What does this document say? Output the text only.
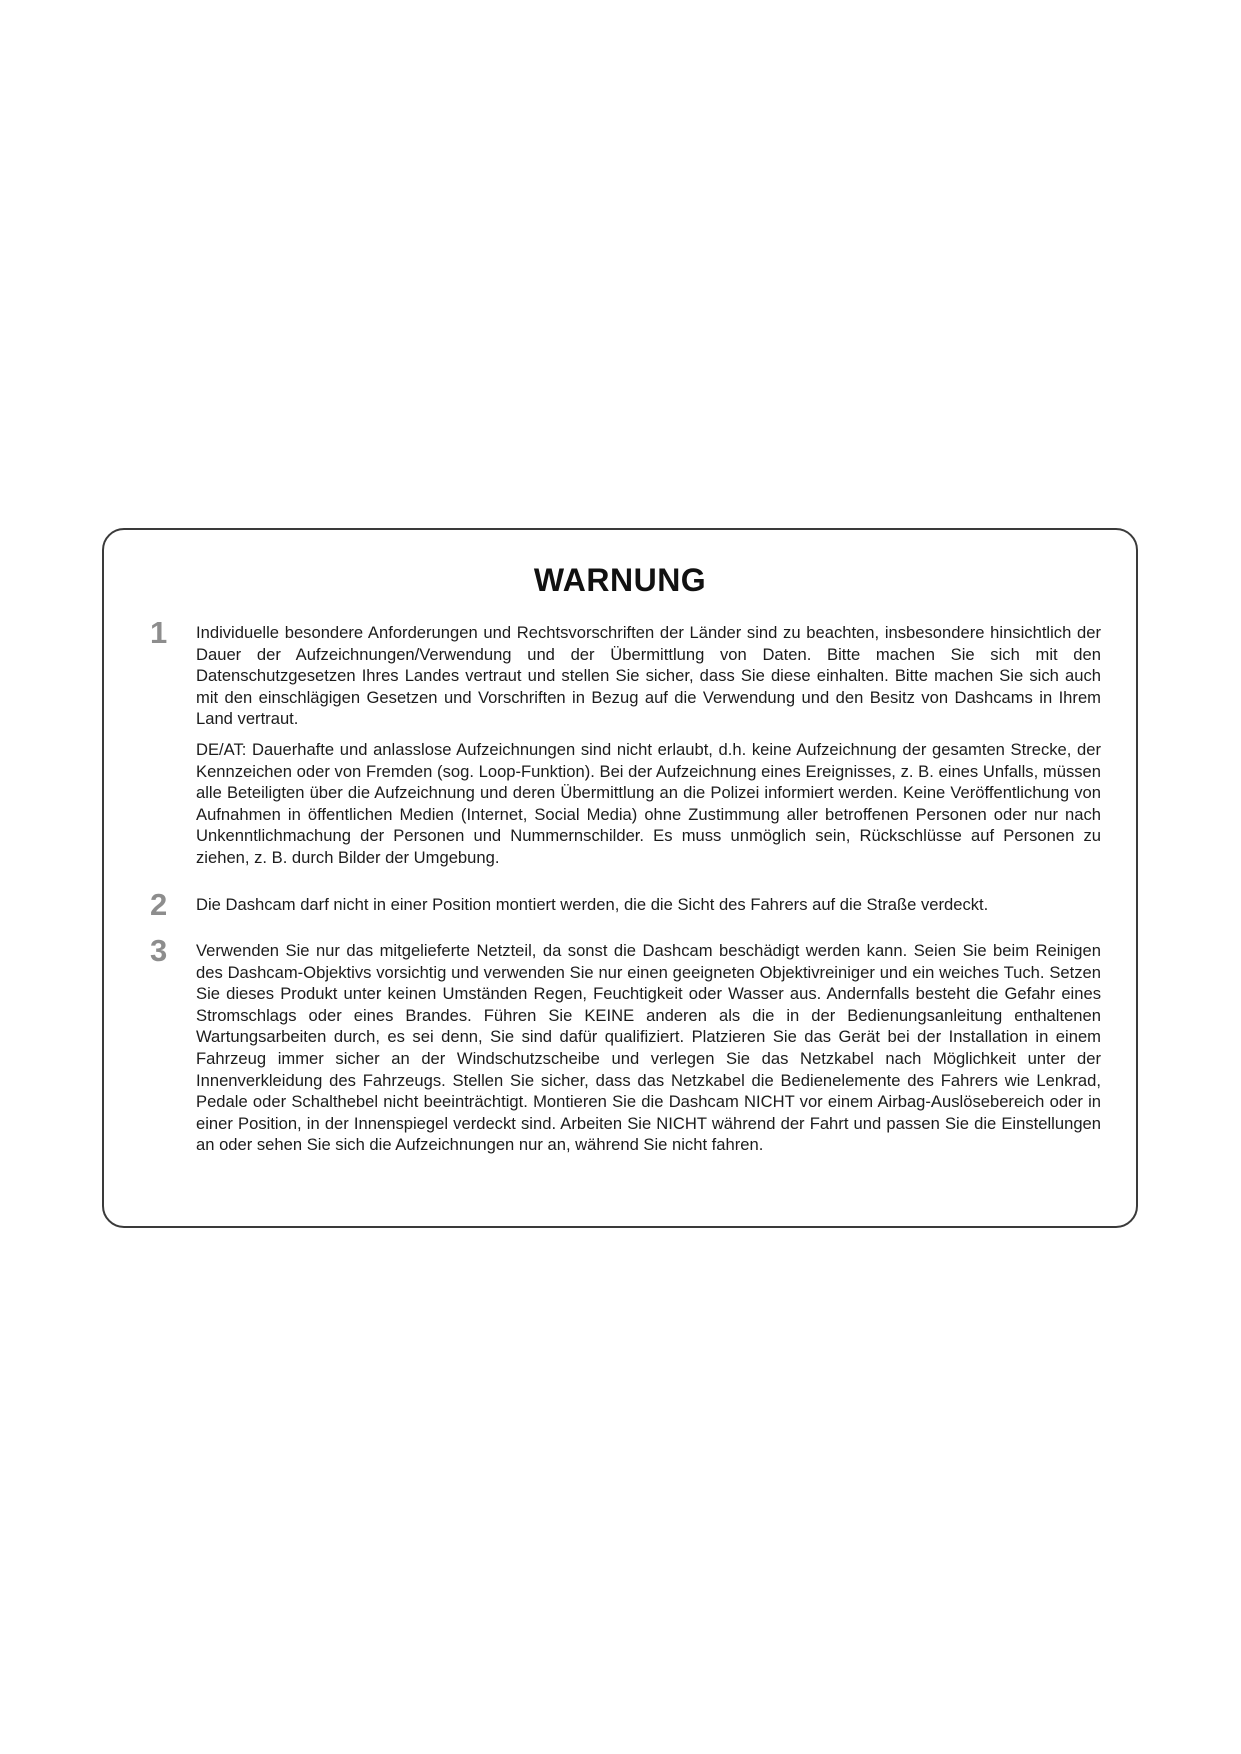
WARNUNG
1 Individuelle besondere Anforderungen und Rechtsvorschriften der Länder sind zu beachten, insbesondere hinsichtlich der Dauer der Aufzeichnungen/Verwendung und der Übermittlung von Daten. Bitte machen Sie sich mit den Datenschutzgesetzen Ihres Landes vertraut und stellen Sie sicher, dass Sie diese einhalten. Bitte machen Sie sich auch mit den einschlägigen Gesetzen und Vorschriften in Bezug auf die Verwendung und den Besitz von Dashcams in Ihrem Land vertraut.

DE/AT: Dauerhafte und anlasslose Aufzeichnungen sind nicht erlaubt, d.h. keine Aufzeichnung der gesamten Strecke, der Kennzeichen oder von Fremden (sog. Loop-Funktion). Bei der Aufzeichnung eines Ereignisses, z. B. eines Unfalls, müssen alle Beteiligten über die Aufzeichnung und deren Übermittlung an die Polizei informiert werden. Keine Veröffentlichung von Aufnahmen in öffentlichen Medien (Internet, Social Media) ohne Zustimmung aller betroffenen Personen oder nur nach Unkenntlichmachung der Personen und Nummernschilder. Es muss unmöglich sein, Rückschlüsse auf Personen zu ziehen, z. B. durch Bilder der Umgebung.

2 Die Dashcam darf nicht in einer Position montiert werden, die die Sicht des Fahrers auf die Straße verdeckt.

3 Verwenden Sie nur das mitgelieferte Netzteil, da sonst die Dashcam beschädigt werden kann. Seien Sie beim Reinigen des Dashcam-Objektivs vorsichtig und verwenden Sie nur einen geeigneten Objektivreiniger und ein weiches Tuch. Setzen Sie dieses Produkt unter keinen Umständen Regen, Feuchtigkeit oder Wasser aus. Andernfalls besteht die Gefahr eines Stromschlags oder eines Brandes. Führen Sie KEINE anderen als die in der Bedienungsanleitung enthaltenen Wartungsarbeiten durch, es sei denn, Sie sind dafür qualifiziert. Platzieren Sie das Gerät bei der Installation in einem Fahrzeug immer sicher an der Windschutzscheibe und verlegen Sie das Netzkabel nach Möglichkeit unter der Innenverkleidung des Fahrzeugs. Stellen Sie sicher, dass das Netzkabel die Bedienelemente des Fahrers wie Lenkrad, Pedale oder Schalthebel nicht beeinträchtigt. Montieren Sie die Dashcam NICHT vor einem Airbag-Auslösebereich oder in einer Position, in der Innenspiegel verdeckt sind. Arbeiten Sie NICHT während der Fahrt und passen Sie die Einstellungen an oder sehen Sie sich die Aufzeichnungen nur an, während Sie nicht fahren.
